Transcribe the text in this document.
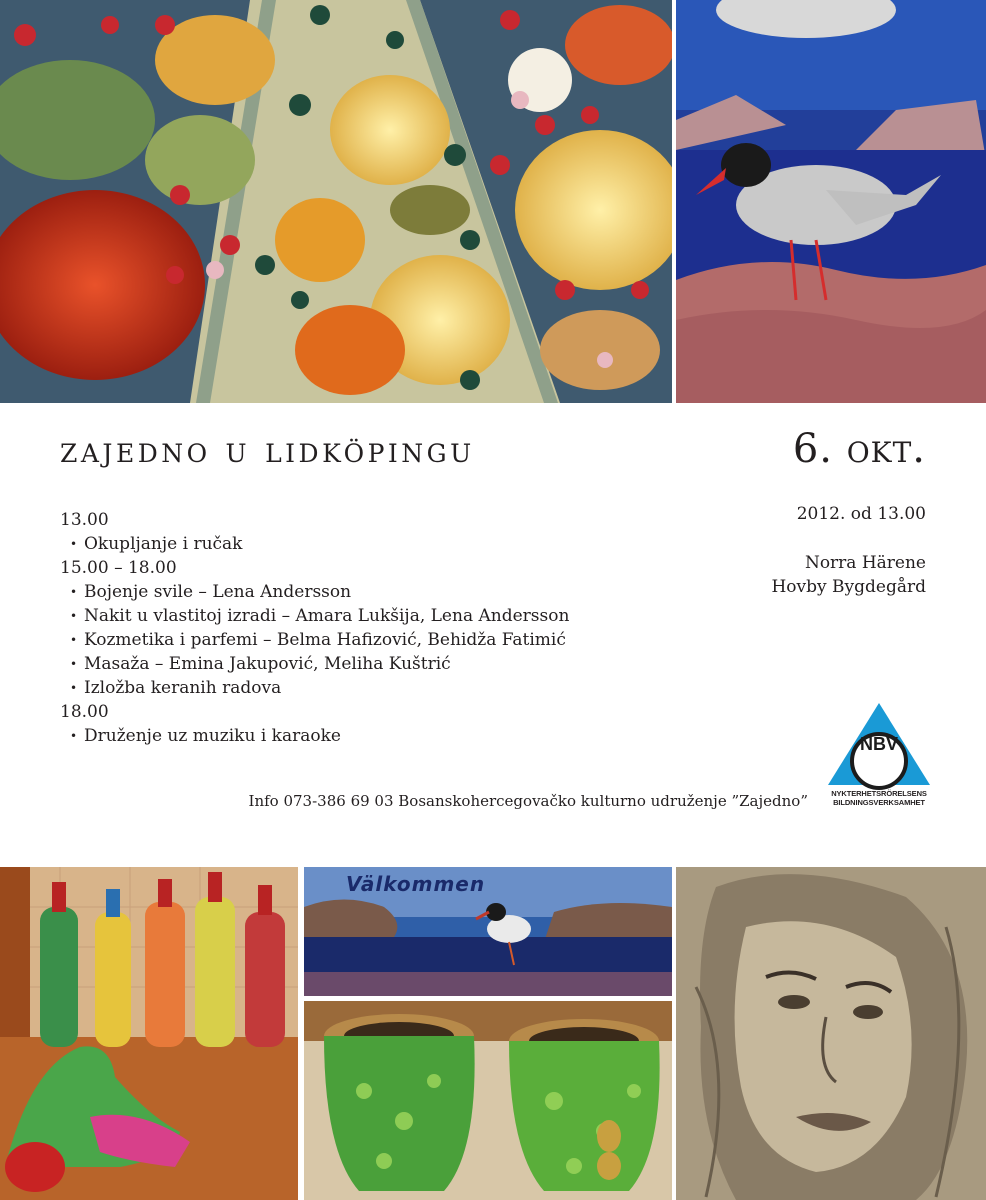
zajedno u lidköpingu	6. okt.
2012. od 13.00
Norra Härene
Hovby Bygdegård
13.00
• Okupljanje i ručak
15.00 – 18.00
• Bojenje svile – Lena Andersson
• Nakit u vlastitoj izradi – Amara Lukšija, Lena Andersson
• Kozmetika i parfemi – Belma Hafizović, Behidža Fatimić
• Masaža – Emina Jakupović, Meliha Kuštrić
• Izložba keranih radova
18.00
• Druženje uz muziku i karaoke
Info 073-386 69 03 Bosanskohercegovačko kulturno udruženje ”Zajedno”
NBV
NYKTERHETSRÖRELSENS
BILDNINGSVERKSAMHET
Välkommen
